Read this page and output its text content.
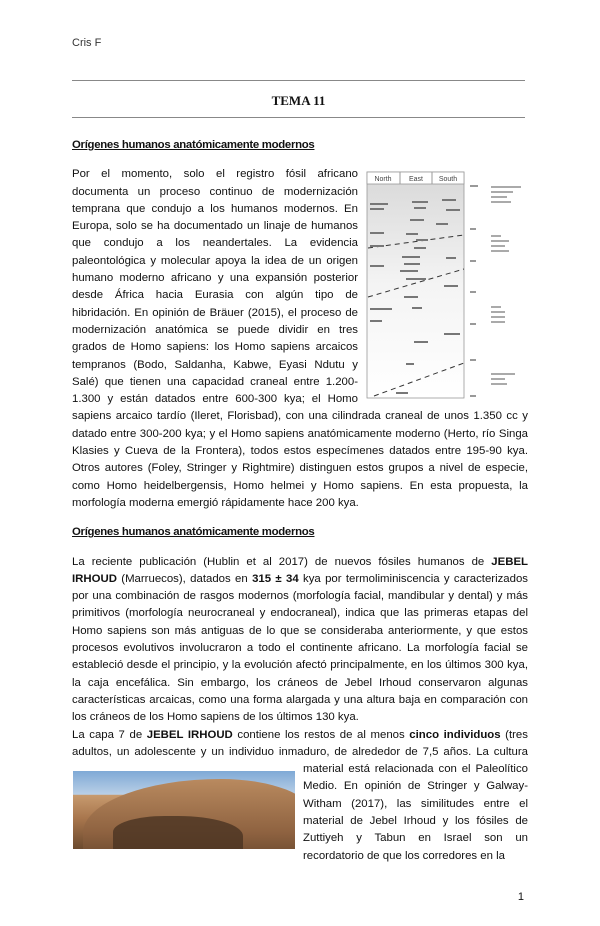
Cris F
TEMA 11
Orígenes humanos anatómicamente modernos
North East South

Por el momento, solo el registro fósil africano documenta un proceso continuo de modernización temprana que condujo a los humanos modernos. En Europa, solo se ha documentado un linaje de humanos que condujo a los neandertales. La evidencia paleontológica y molecular apoya la idea de un origen humano moderno africano y una expansión posterior desde África hacia Eurasia con algún tipo de hibridación. En opinión de Bräuer (2015), el proceso de modernización anatómica se puede dividir en tres grados de Homo sapiens: los Homo sapiens arcaicos tempranos (Bodo, Saldanha, Kabwe, Eyasi Ndutu y Salé) que tienen una capacidad craneal entre 1.200-1.300 y están datados entre 600-300 kya; el Homo sapiens arcaico tardío (Ileret, Florisbad), con una cilindrada craneal de unos 1.350 cc y datado entre 300-200 kya; y el Homo sapiens anatómicamente moderno (Herto, río Singa Klasies y Cueva de la Frontera), todos estos especímenes datados entre 195-90 kya. Otros autores (Foley, Stringer y Rightmire) distinguen estos grupos a nivel de especie, como Homo heidelbergensis, Homo helmei y Homo sapiens. En esta propuesta, la morfología moderna emergió rápidamente hace 200 kya.

Orígenes humanos anatómicamente modernos

La reciente publicación (Hublin et al 2017) de nuevos fósiles humanos de JEBEL IRHOUD (Marruecos), datados en 315 ± 34 kya por termoliminiscencia y caracterizados por una combinación de rasgos modernos (morfología facial, mandibular y dental) y más primitivos (morfología neurocraneal y endocraneal), indica que las primeras etapas del Homo sapiens son más antiguas de lo que se consideraba anteriormente, y que estos procesos evolutivos involucraron a todo el continente africano. La morfología facial se estableció desde el principio, y la evolución afectó principalmente, en los últimos 300 kya, la caja encefálica. Sin embargo, los cráneos de Jebel Irhoud conservaron algunas características arcaicas, como una forma alargada y una altura baja en comparación con los cráneos de los Homo sapiens de los últimos 130 kya.

La capa 7 de JEBEL IRHOUD contiene los restos de al menos cinco individuos (tres adultos, un adolescente y un individuo inmaduro, de alrededor de 7,5 años. La cultura
material está relacionada con el Paleolítico Medio. En opinión de Stringer y Galway-Witham (2017), las similitudes entre el material de Jebel Irhoud y los fósiles de Zuttiyeh y Tabun en Israel son un recordatorio de que los corredores en la

1
